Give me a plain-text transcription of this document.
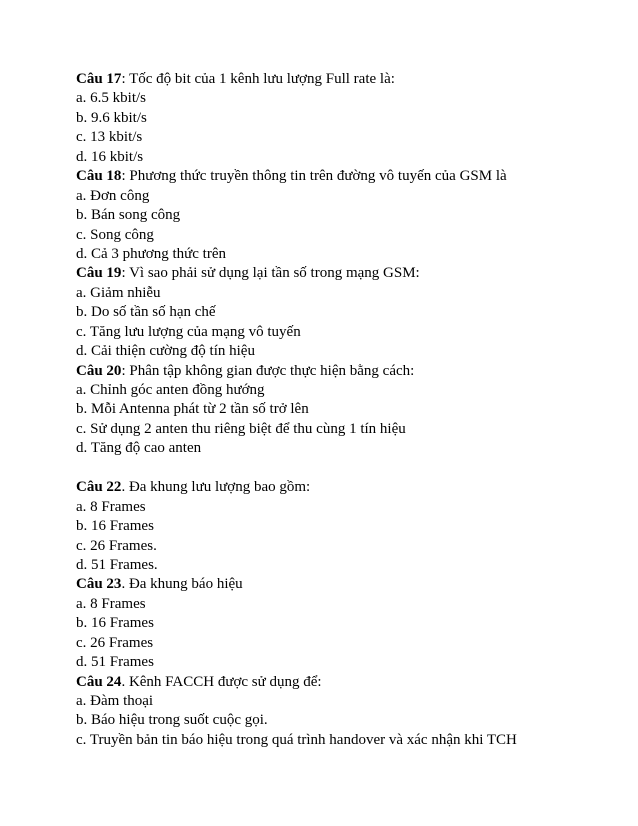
Câu 17: Tốc độ bit của 1 kênh lưu lượng Full rate là:
a. 6.5 kbit/s
b. 9.6 kbit/s
c. 13 kbit/s
d. 16 kbit/s
Câu 18: Phương thức truyền thông tin trên đường vô tuyến của GSM là
a. Đơn công
b. Bán song công
c. Song công
d. Cả 3 phương thức trên
Câu 19: Vì sao phải sử dụng lại tần số trong mạng GSM:
a. Giảm nhiễu
b. Do số tần số hạn chế
c. Tăng lưu lượng của mạng vô tuyến
d. Cải thiện cường độ tín hiệu
Câu 20: Phân tập không gian được thực hiện bằng cách:
a. Chỉnh góc anten đồng hướng
b. Mỗi Antenna phát từ 2 tần số trở lên
c. Sử dụng 2 anten thu riêng biệt để thu cùng 1 tín hiệu
d. Tăng độ cao anten
Câu 22. Đa khung lưu lượng bao gồm:
a. 8 Frames
b. 16 Frames
c. 26 Frames.
d. 51 Frames.
Câu 23. Đa khung báo hiệu
a. 8 Frames
b. 16 Frames
c. 26 Frames
d. 51 Frames
Câu 24. Kênh FACCH được sử dụng để:
a. Đàm thoại
b. Báo hiệu trong suốt cuộc gọi.
c. Truyền bản tin báo hiệu trong quá trình handover và xác nhận khi TCH
